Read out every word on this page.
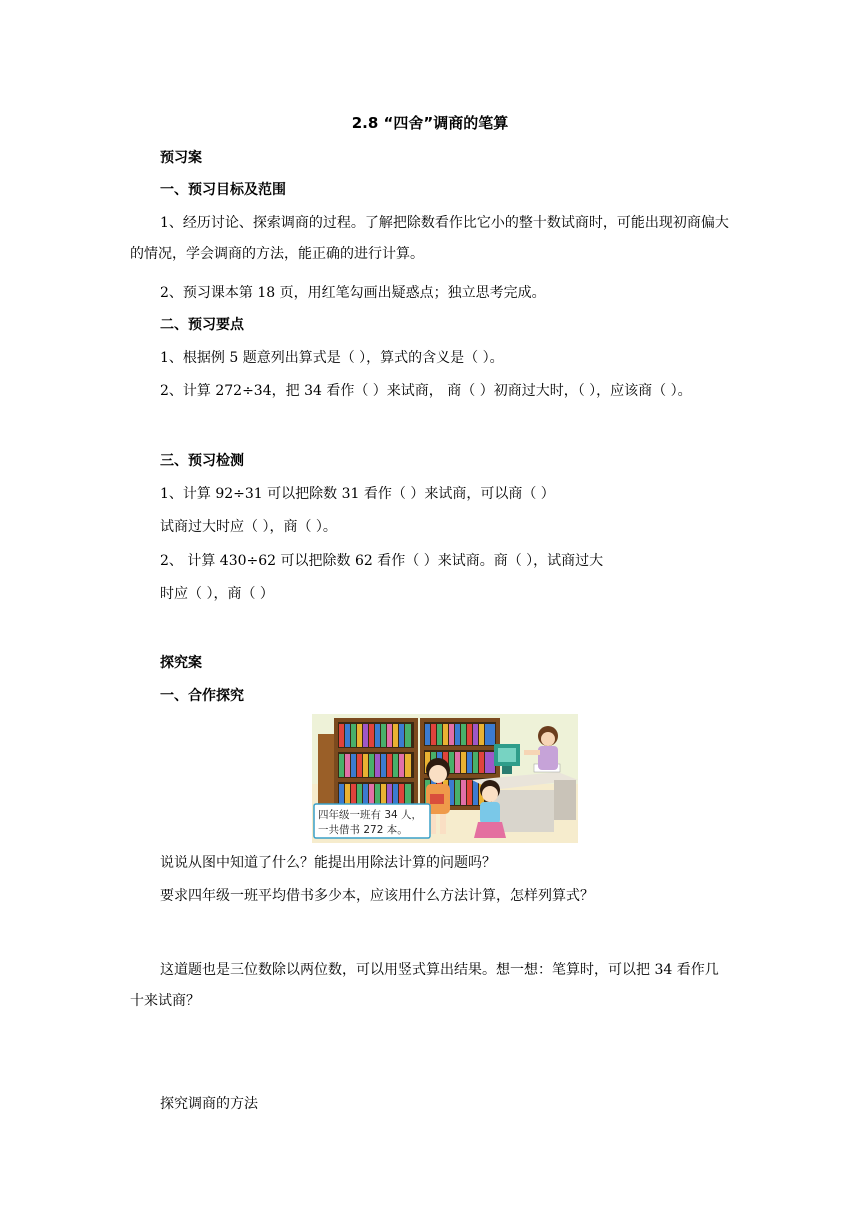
2.8 “四舍”调商的笔算
预习案
一、预习目标及范围
1、经历讨论、探索调商的过程。了解把除数看作比它小的整十数试商时，可能出现初商偏大的情况，学会调商的方法，能正确的进行计算。
2、预习课本第 18 页，用红笔勾画出疑惑点；独立思考完成。
二、预习要点
1、根据例 5 题意列出算式是（ ），算式的含义是（ ）。
2、计算 272÷34，把 34 看作（ ）来试商， 商（ ）初商过大时，（ ），应该商（ ）。
三、预习检测
1、计算 92÷31 可以把除数 31 看作（ ）来试商，可以商（ ）
试商过大时应（ ），商（ ）。
2、 计算 430÷62 可以把除数 62 看作（ ）来试商。商（ ），试商过大
时应（ ），商（ ）
探究案
一、合作探究
四年级一班有 34 人，
一共借书 272 本。
说说从图中知道了什么？能提出用除法计算的问题吗？
要求四年级一班平均借书多少本，应该用什么方法计算，怎样列算式？
这道题也是三位数除以两位数，可以用竖式算出结果。想一想：笔算时，可以把 34 看作几十来试商？
探究调商的方法
